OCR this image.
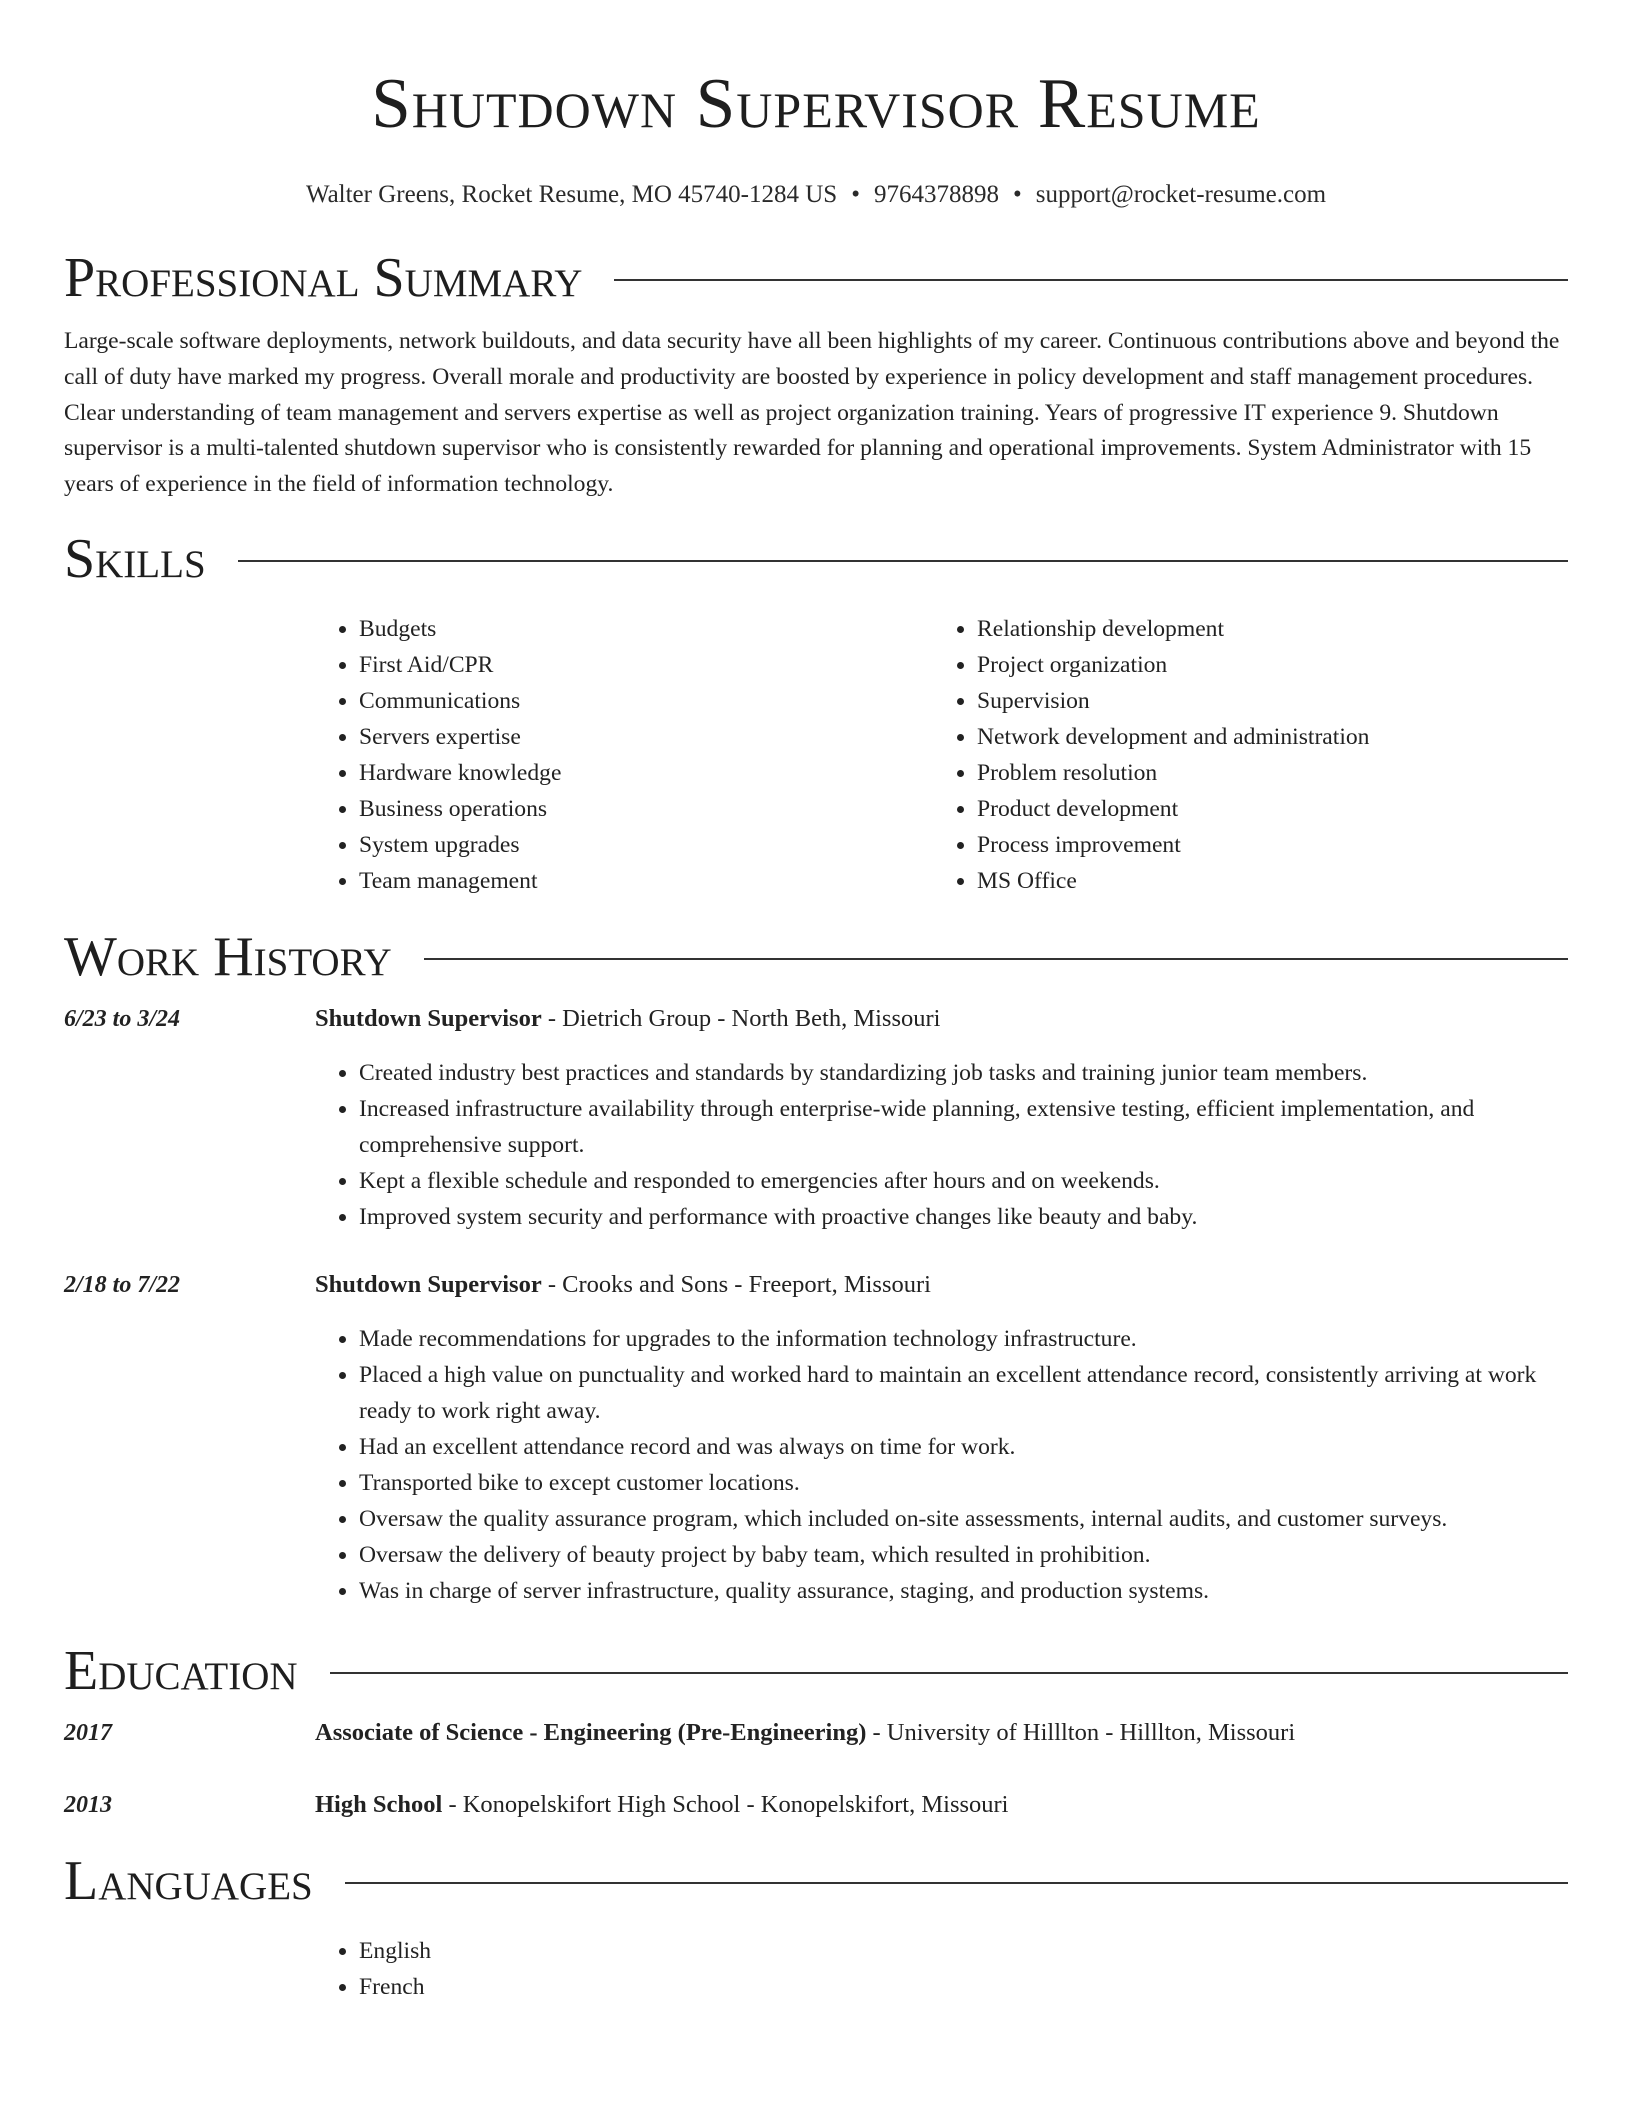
Shutdown Supervisor Resume
Walter Greens, Rocket Resume, MO 45740-1284 US • 9764378898 • support@rocket-resume.com
Professional Summary

Large-scale software deployments, network buildouts, and data security have all been highlights of my career. Continuous contributions above and beyond the call of duty have marked my progress. Overall morale and productivity are boosted by experience in policy development and staff management procedures. Clear understanding of team management and servers expertise as well as project organization training. Years of progressive IT experience 9. Shutdown supervisor is a multi-talented shutdown supervisor who is consistently rewarded for planning and operational improvements. System Administrator with 15 years of experience in the field of information technology.

Skills
• Budgets
• First Aid/CPR
• Communications
• Servers expertise
• Hardware knowledge
• Business operations
• System upgrades
• Team management
• Relationship development
• Project organization
• Supervision
• Network development and administration
• Problem resolution
• Product development
• Process improvement
• MS Office
Work History
6/23 to 3/24	Shutdown Supervisor - Dietrich Group - North Beth, Missouri
• Created industry best practices and standards by standardizing job tasks and training junior team members.
• Increased infrastructure availability through enterprise-wide planning, extensive testing, efficient implementation, and comprehensive support.
• Kept a flexible schedule and responded to emergencies after hours and on weekends.
• Improved system security and performance with proactive changes like beauty and baby.
2/18 to 7/22	Shutdown Supervisor - Crooks and Sons - Freeport, Missouri
• Made recommendations for upgrades to the information technology infrastructure.
• Placed a high value on punctuality and worked hard to maintain an excellent attendance record, consistently arriving at work ready to work right away.
• Had an excellent attendance record and was always on time for work.
• Transported bike to except customer locations.
• Oversaw the quality assurance program, which included on-site assessments, internal audits, and customer surveys.
• Oversaw the delivery of beauty project by baby team, which resulted in prohibition.
• Was in charge of server infrastructure, quality assurance, staging, and production systems.
Education
2017	Associate of Science - Engineering (Pre-Engineering) - University of Hilllton - Hilllton, Missouri
2013	High School - Konopelskifort High School - Konopelskifort, Missouri
Languages
• English
• French
